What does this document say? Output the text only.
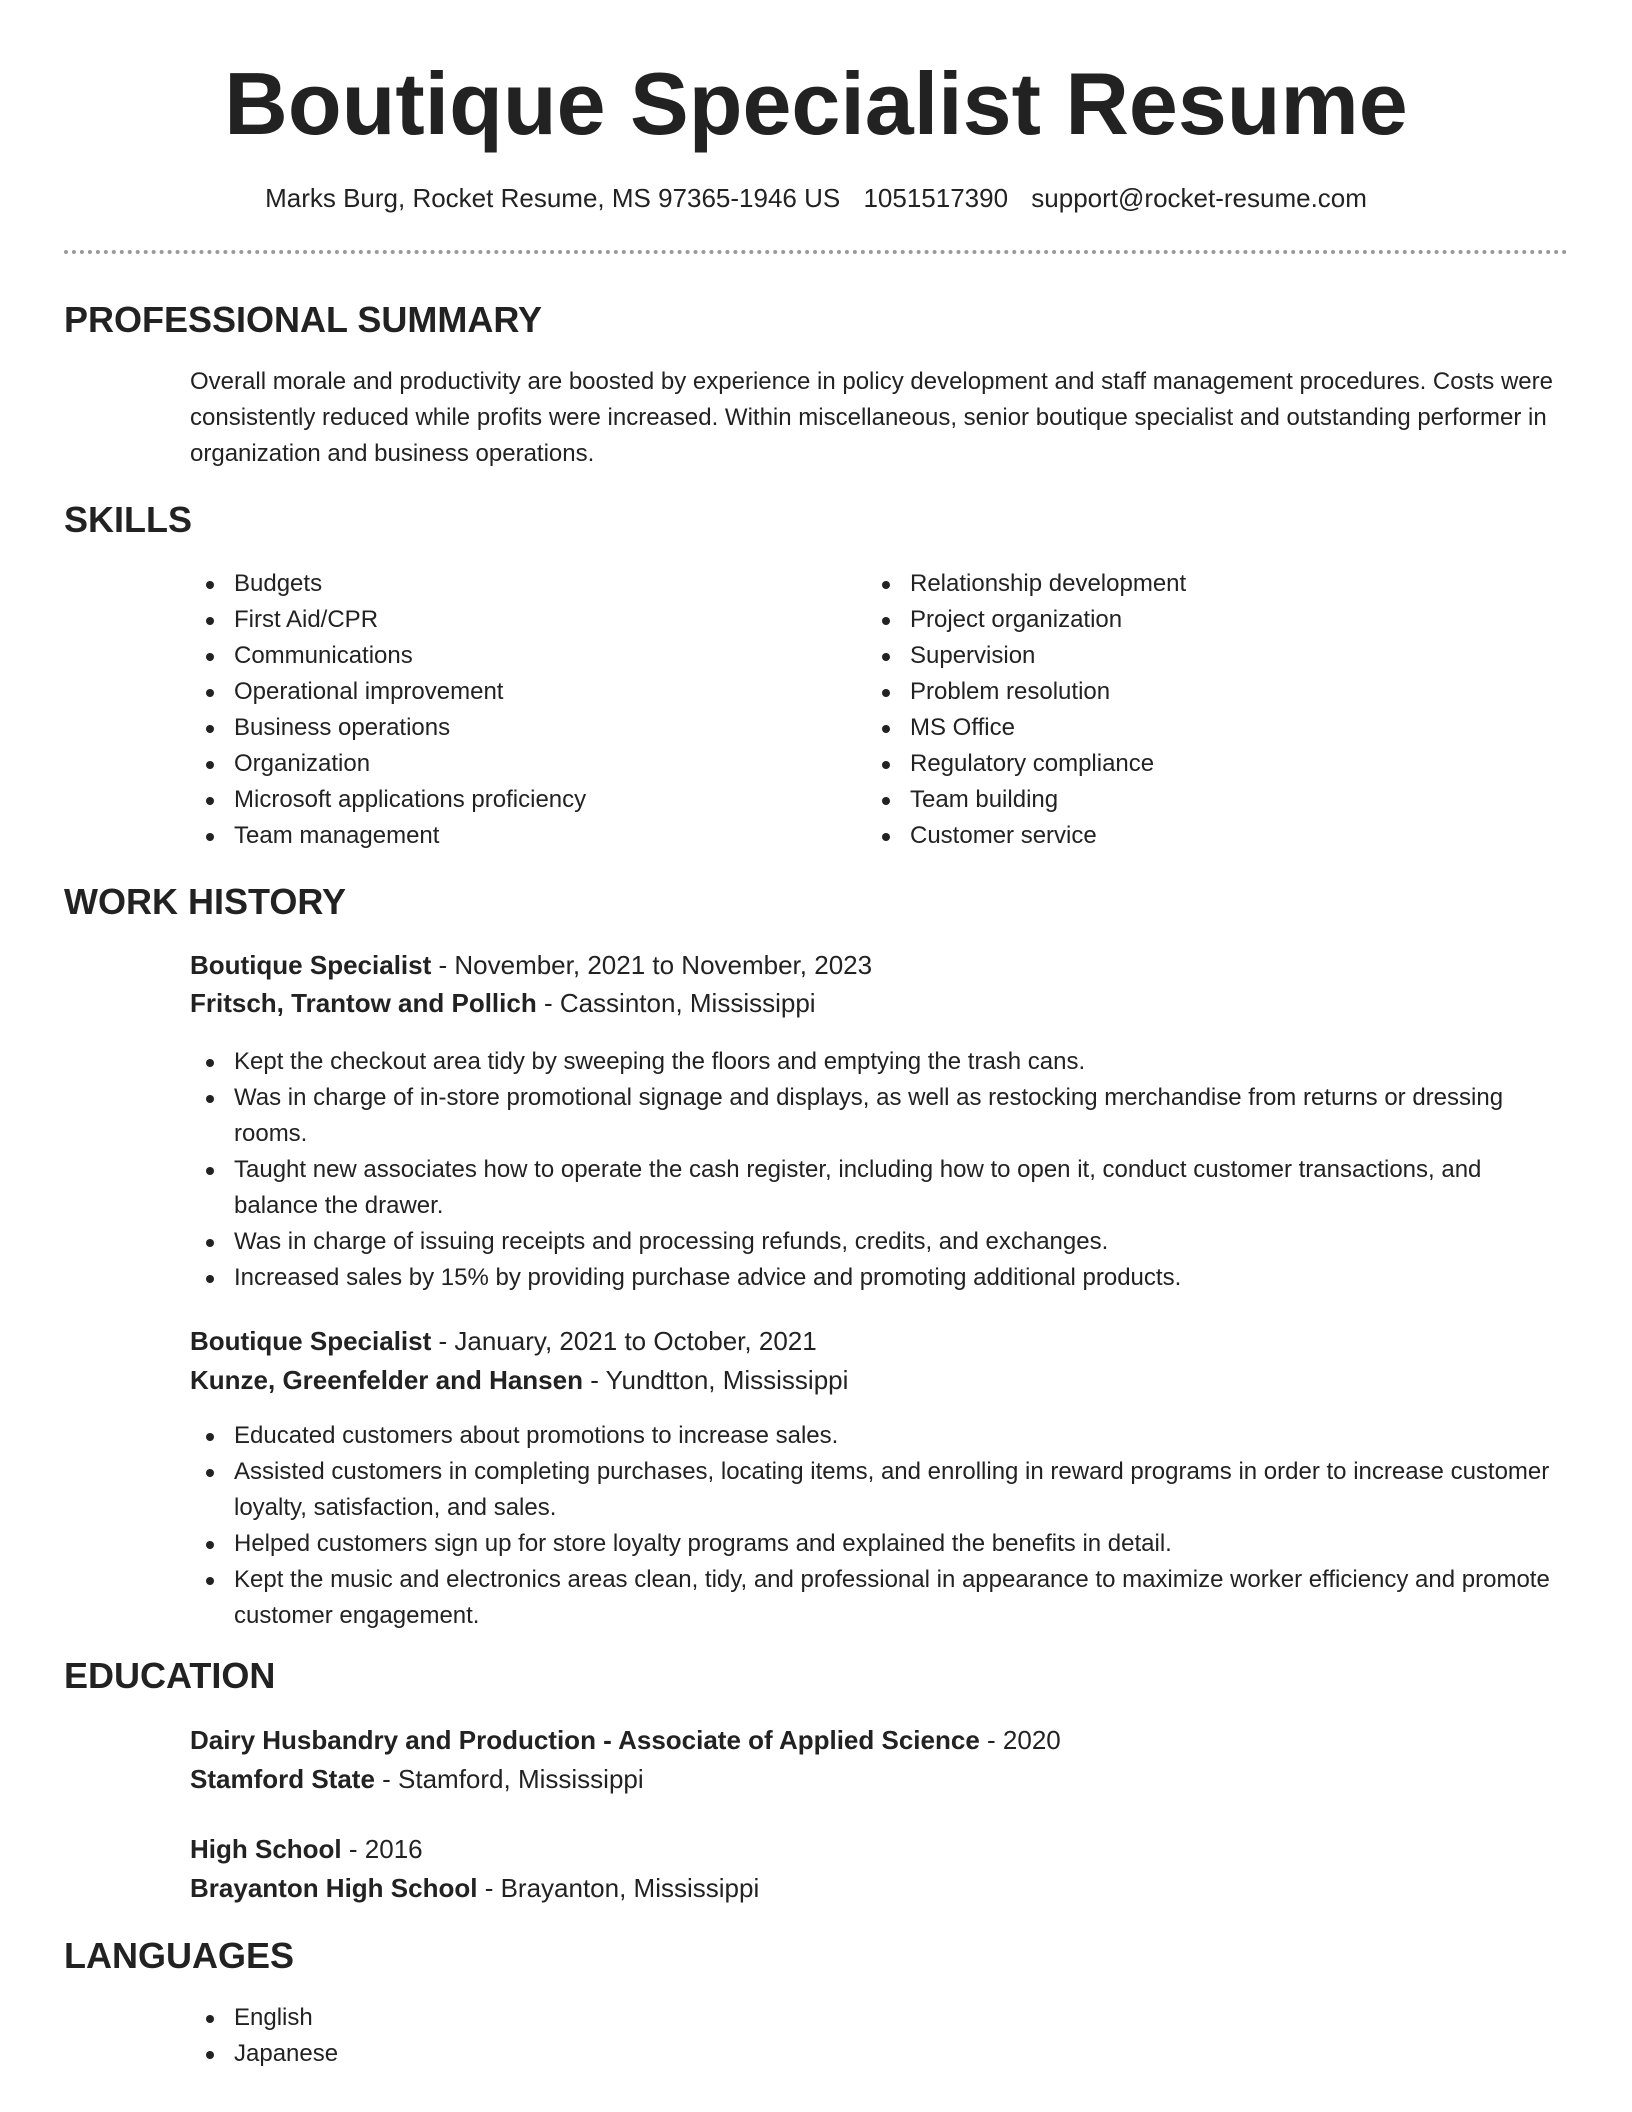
Boutique Specialist Resume
Marks Burg, Rocket Resume, MS 97365-1946 US 1051517390 support@rocket-resume.com
PROFESSIONAL SUMMARY
Overall morale and productivity are boosted by experience in policy development and staff management procedures. Costs were consistently reduced while profits were increased. Within miscellaneous, senior boutique specialist and outstanding performer in organization and business operations.
SKILLS
Budgets
First Aid/CPR
Communications
Operational improvement
Business operations
Organization
Microsoft applications proficiency
Team management
Relationship development
Project organization
Supervision
Problem resolution
MS Office
Regulatory compliance
Team building
Customer service
WORK HISTORY
Boutique Specialist - November, 2021 to November, 2023
Fritsch, Trantow and Pollich - Cassinton, Mississippi
Kept the checkout area tidy by sweeping the floors and emptying the trash cans.
Was in charge of in-store promotional signage and displays, as well as restocking merchandise from returns or dressing rooms.
Taught new associates how to operate the cash register, including how to open it, conduct customer transactions, and balance the drawer.
Was in charge of issuing receipts and processing refunds, credits, and exchanges.
Increased sales by 15% by providing purchase advice and promoting additional products.
Boutique Specialist - January, 2021 to October, 2021
Kunze, Greenfelder and Hansen - Yundtton, Mississippi
Educated customers about promotions to increase sales.
Assisted customers in completing purchases, locating items, and enrolling in reward programs in order to increase customer loyalty, satisfaction, and sales.
Helped customers sign up for store loyalty programs and explained the benefits in detail.
Kept the music and electronics areas clean, tidy, and professional in appearance to maximize worker efficiency and promote customer engagement.
EDUCATION
Dairy Husbandry and Production - Associate of Applied Science - 2020
Stamford State - Stamford, Mississippi
High School - 2016
Brayanton High School - Brayanton, Mississippi
LANGUAGES
English
Japanese
